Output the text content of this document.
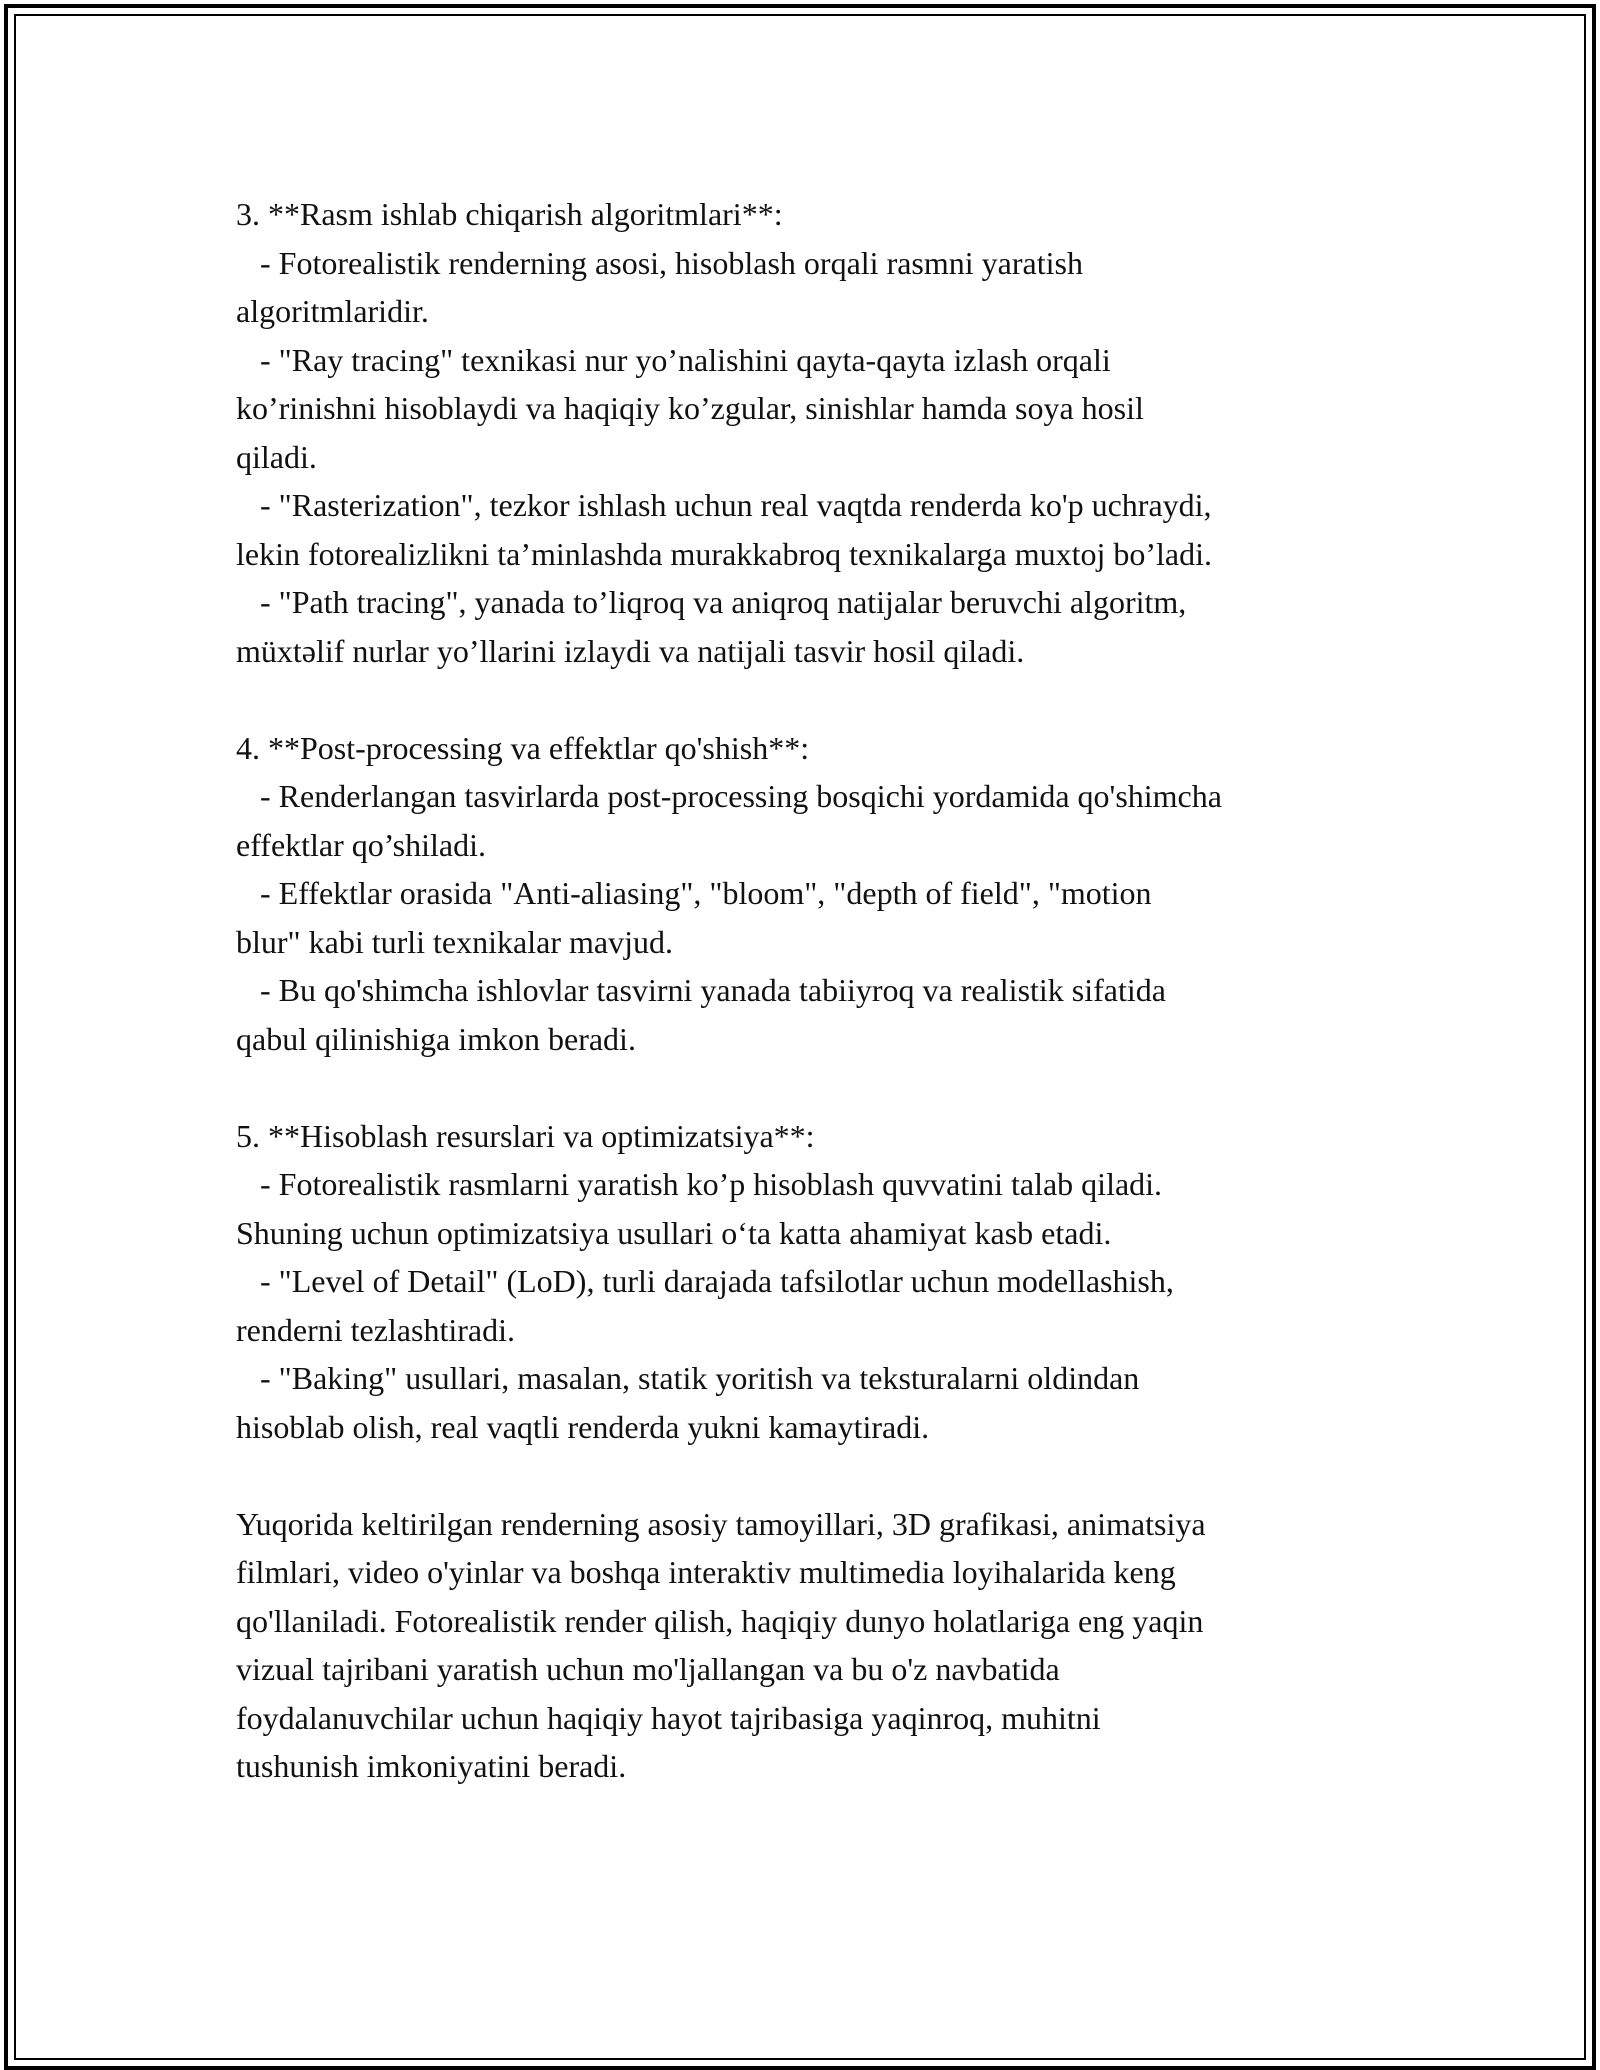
3. **Rasm ishlab chiqarish algoritmlari**:
- Fotorealistik renderning asosi, hisoblash orqali rasmni yaratish
algoritmlaridir.
- "Ray tracing" texnikasi nur yo’nalishini qayta-qayta izlash orqali
ko’rinishni hisoblaydi va haqiqiy ko’zgular, sinishlar hamda soya hosil
qiladi.
- "Rasterization", tezkor ishlash uchun real vaqtda renderda ko'p uchraydi,
lekin fotorealizlikni ta’minlashda murakkabroq texnikalarga muxtoj bo’ladi.
- "Path tracing", yanada to’liqroq va aniqroq natijalar beruvchi algoritm,
müxtəlif nurlar yo’llarini izlaydi va natijali tasvir hosil qiladi.
4. **Post-processing va effektlar qo'shish**:
- Renderlangan tasvirlarda post-processing bosqichi yordamida qo'shimcha
effektlar qo’shiladi.
- Effektlar orasida "Anti-aliasing", "bloom", "depth of field", "motion
blur" kabi turli texnikalar mavjud.
- Bu qo'shimcha ishlovlar tasvirni yanada tabiiyroq va realistik sifatida
qabul qilinishiga imkon beradi.
5. **Hisoblash resurslari va optimizatsiya**:
- Fotorealistik rasmlarni yaratish ko’p hisoblash quvvatini talab qiladi.
Shuning uchun optimizatsiya usullari o‘ta katta ahamiyat kasb etadi.
- "Level of Detail" (LoD), turli darajada tafsilotlar uchun modellashish,
renderni tezlashtiradi.
- "Baking" usullari, masalan, statik yoritish va teksturalarni oldindan
hisoblab olish, real vaqtli renderda yukni kamaytiradi.
Yuqorida keltirilgan renderning asosiy tamoyillari, 3D grafikasi, animatsiya
filmlari, video o'yinlar va boshqa interaktiv multimedia loyihalarida keng
qo'llaniladi. Fotorealistik render qilish, haqiqiy dunyo holatlariga eng yaqin
vizual tajribani yaratish uchun mo'ljallangan va bu o'z navbatida
foydalanuvchilar uchun haqiqiy hayot tajribasiga yaqinroq, muhitni
tushunish imkoniyatini beradi.
